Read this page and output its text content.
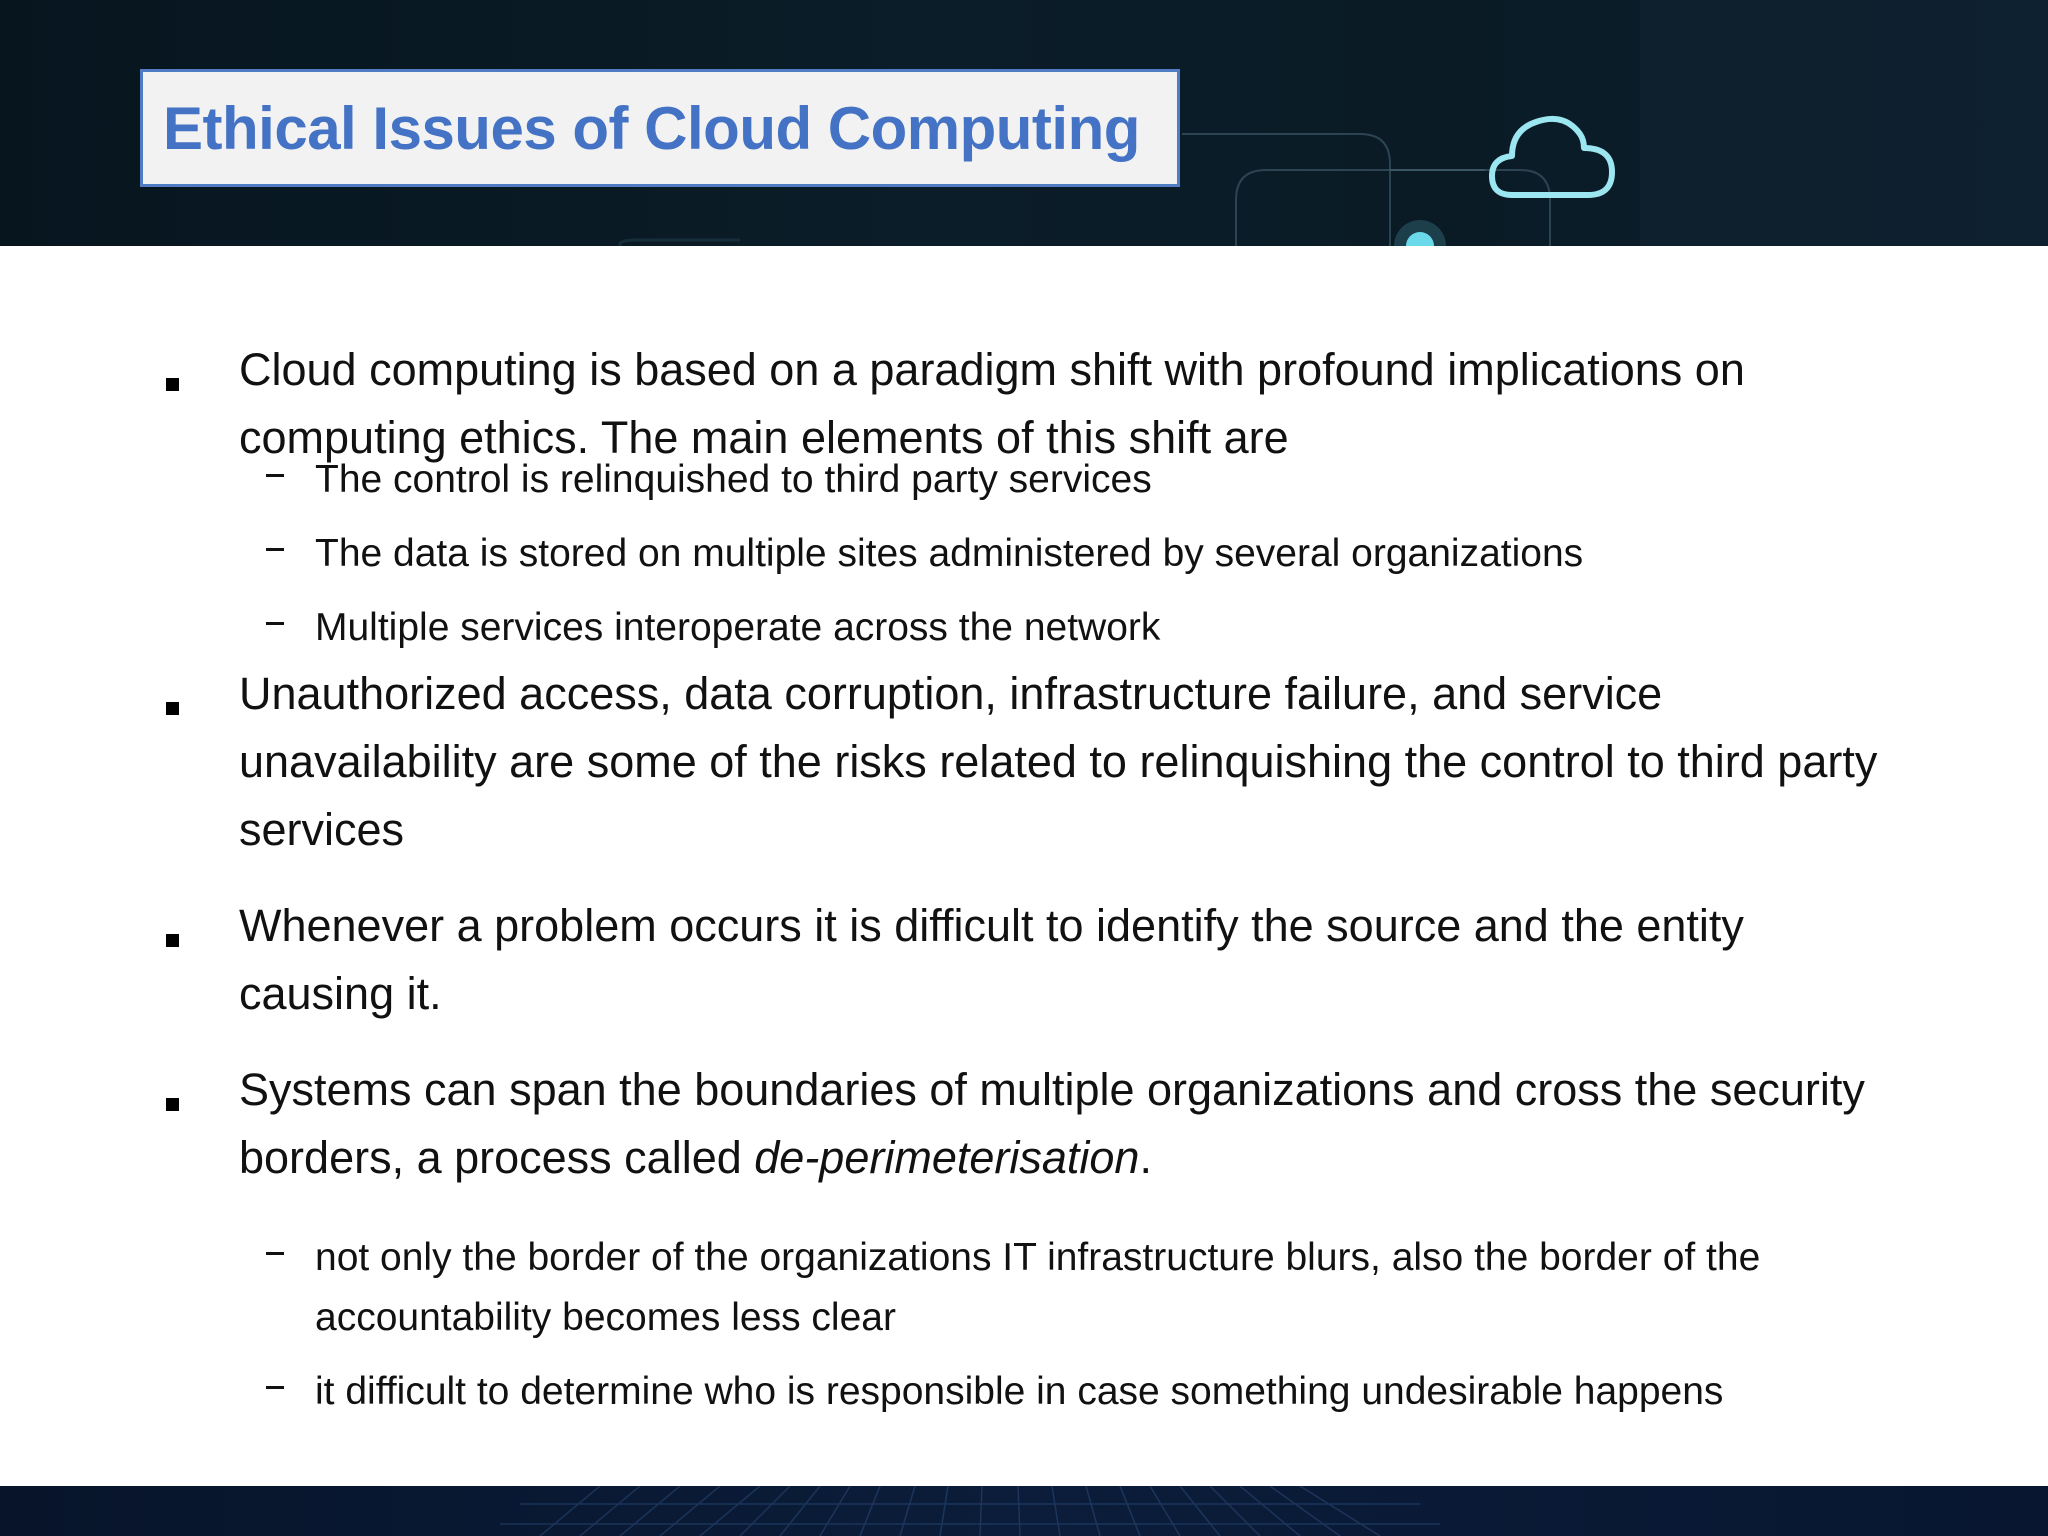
Ethical Issues of Cloud Computing
Cloud computing is based on a paradigm shift with profound implications on computing ethics. The main elements of this shift are
The control is relinquished to third party services
The data is stored on multiple sites administered by several organizations
Multiple services interoperate across the network
Unauthorized access, data corruption, infrastructure failure, and service unavailability are some of the risks related to relinquishing the control to third party services
Whenever a problem occurs it is difficult to identify the source and the entity causing it.
Systems can span the boundaries of multiple organizations and cross the security borders, a process called de-perimeterisation.
not only the border of the organizations IT infrastructure blurs, also the border of the accountability becomes less clear
it difficult to determine who is responsible in case something undesirable happens
